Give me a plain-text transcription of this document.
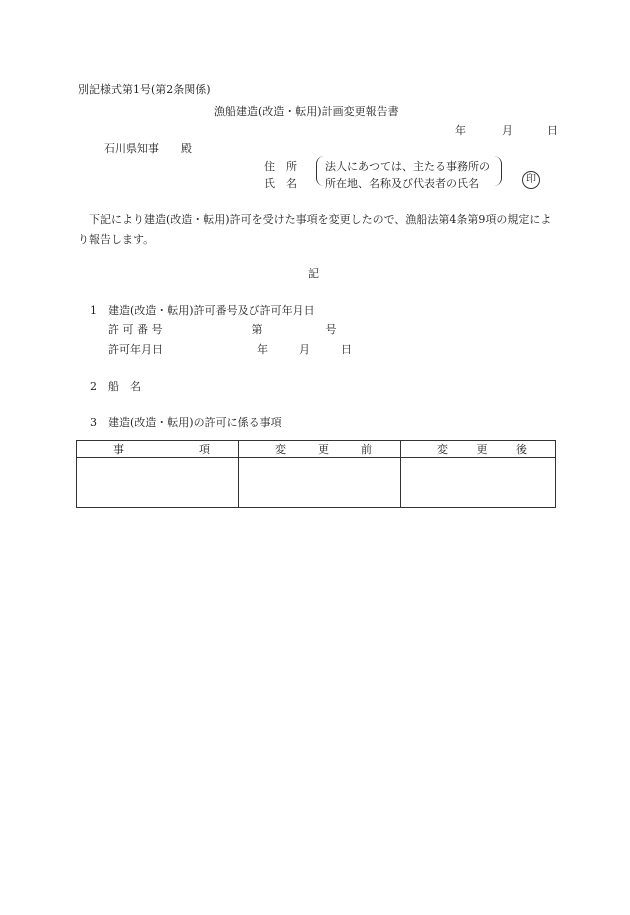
別記様式第1号(第2条関係)
漁船建造(改造・転用)計画変更報告書
年	月	日
石川県知事　　殿
住　所
氏　名
法人にあつては、主たる事務所の
所在地、名称及び代表者の氏名	印
下記により建造(改造・転用)許可を受けた事項を変更したので、漁船法第4条第9項の規定により報告します。
記
1　建造(改造・転用)許可番号及び許可年月日
許 可 番 号	第	号
許可年月日	年	月	日
2　船　名
3　建造(改造・転用)の許可に係る事項
事 項	変 更 前	変 更 後
